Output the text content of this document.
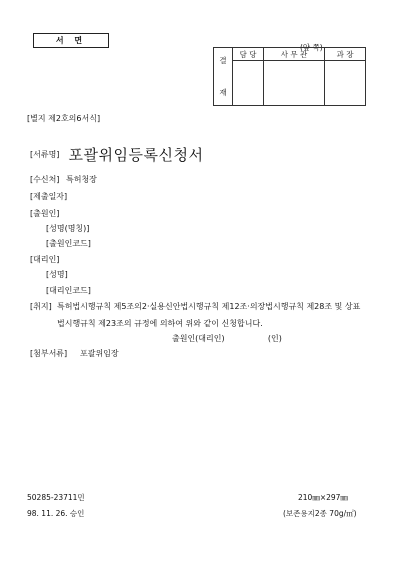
서 면
(앞 쪽)
결

재	담 당	사 무 관	과 장

[별지 제2호의6서식]
[서류명] 포괄위임등록신청서
[수신처] 특허청장
[제출일자]
[출원인]
[성명(명칭)]
[출원인코드]
[대리인]
[성명]
[대리인코드]
[취지] 특허법시행규칙 제5조의2·실용신안법시행규칙 제12조·의장법시행규칙 제28조 및 상표
법시행규칙 제23조의 규정에 의하여 위와 같이 신청합니다.
출원인(대리인)                 (인)
[첨부서류] 포괄위임장
50285-23711민	210㎜×297㎜
98. 11. 26. 승인	(보존용지2종 70g/㎡)
